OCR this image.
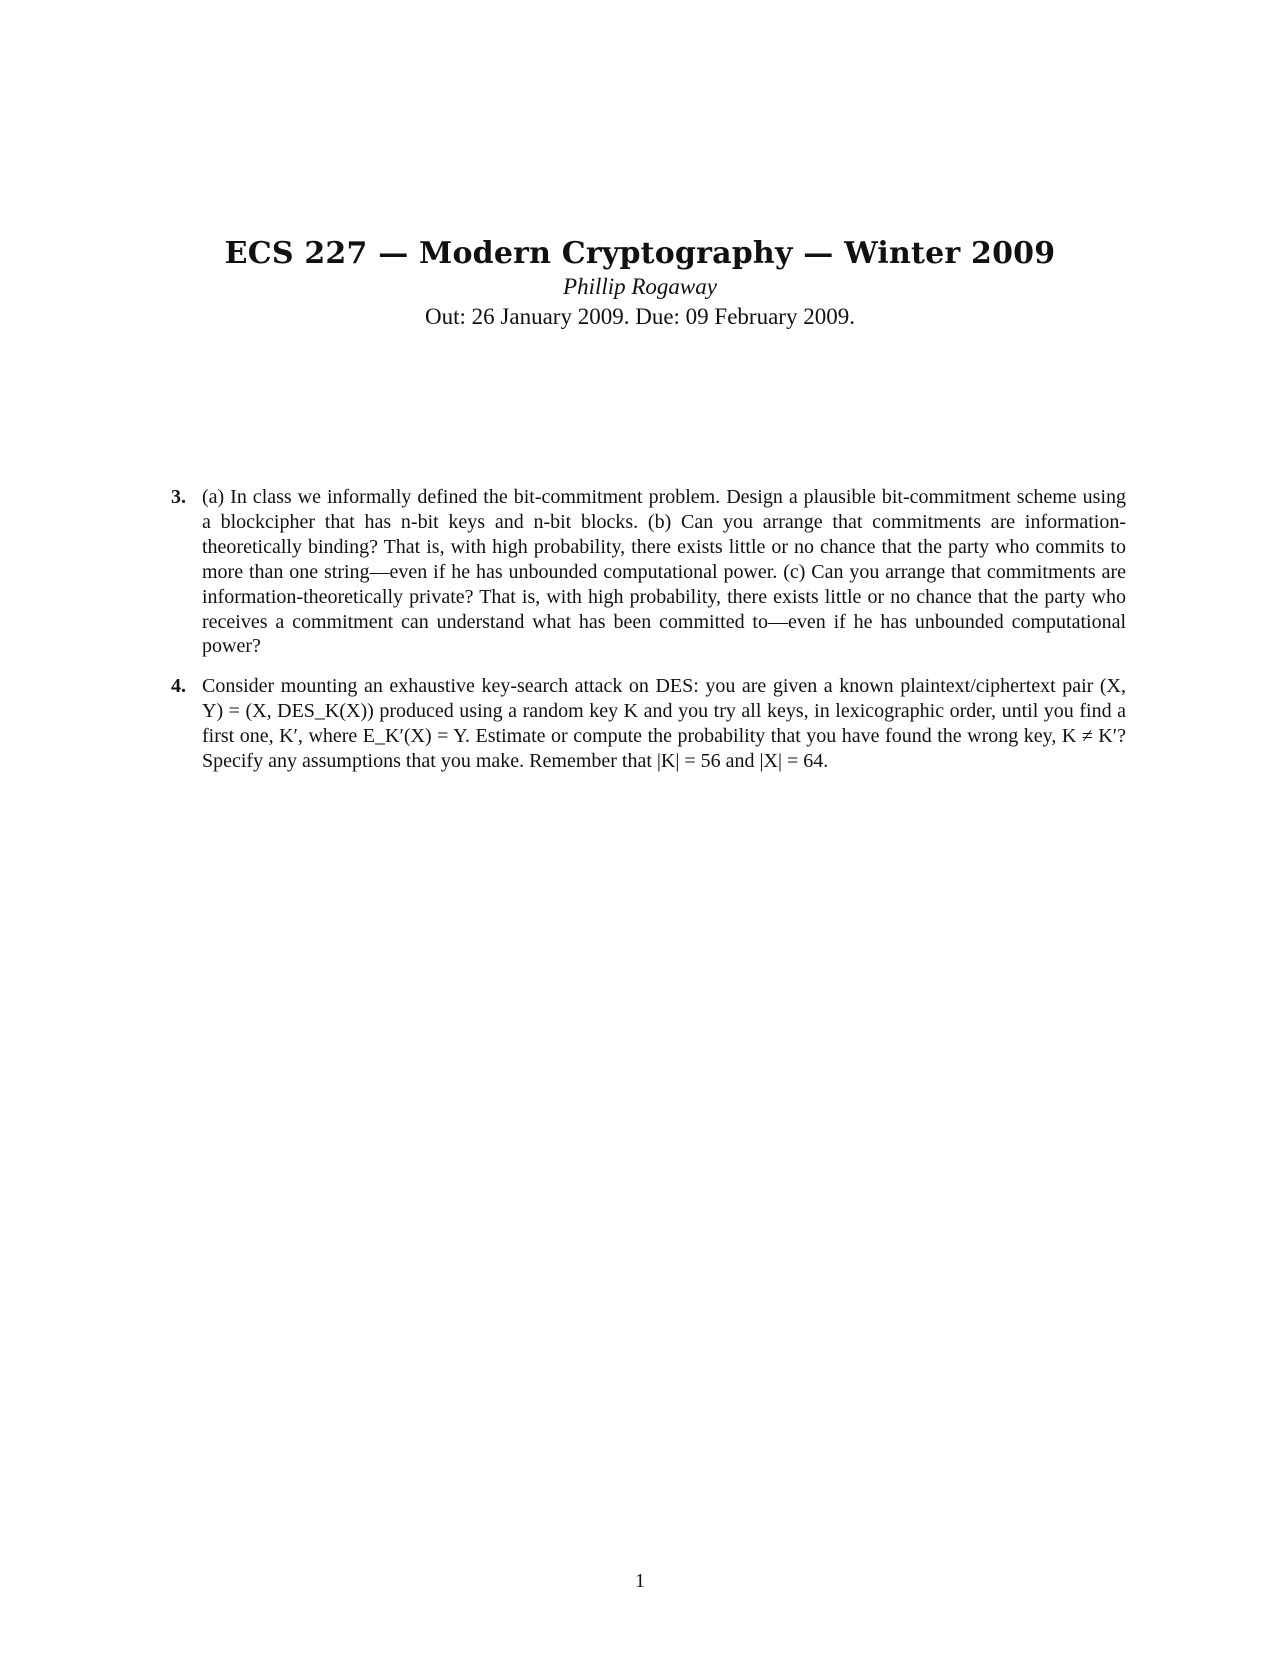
ECS 227 — Modern Cryptography — Winter 2009
Phillip Rogaway
Out: 26 January 2009. Due: 09 February 2009.
3. (a) In class we informally defined the bit-commitment problem. Design a plausible bit-commitment scheme using a blockcipher that has n-bit keys and n-bit blocks. (b) Can you arrange that commitments are information-theoretically binding? That is, with high probability, there exists little or no chance that the party who commits to more than one string—even if he has unbounded computational power. (c) Can you arrange that commitments are information-theoretically private? That is, with high probability, there exists little or no chance that the party who receives a commitment can understand what has been committed to—even if he has unbounded computational power?
4. Consider mounting an exhaustive key-search attack on DES: you are given a known plaintext/ciphertext pair (X, Y) = (X, DES_K(X)) produced using a random key K and you try all keys, in lexicographic order, until you find a first one, K′, where E_K′(X) = Y. Estimate or compute the probability that you have found the wrong key, K ≠ K′? Specify any assumptions that you make. Remember that |K| = 56 and |X| = 64.
1
